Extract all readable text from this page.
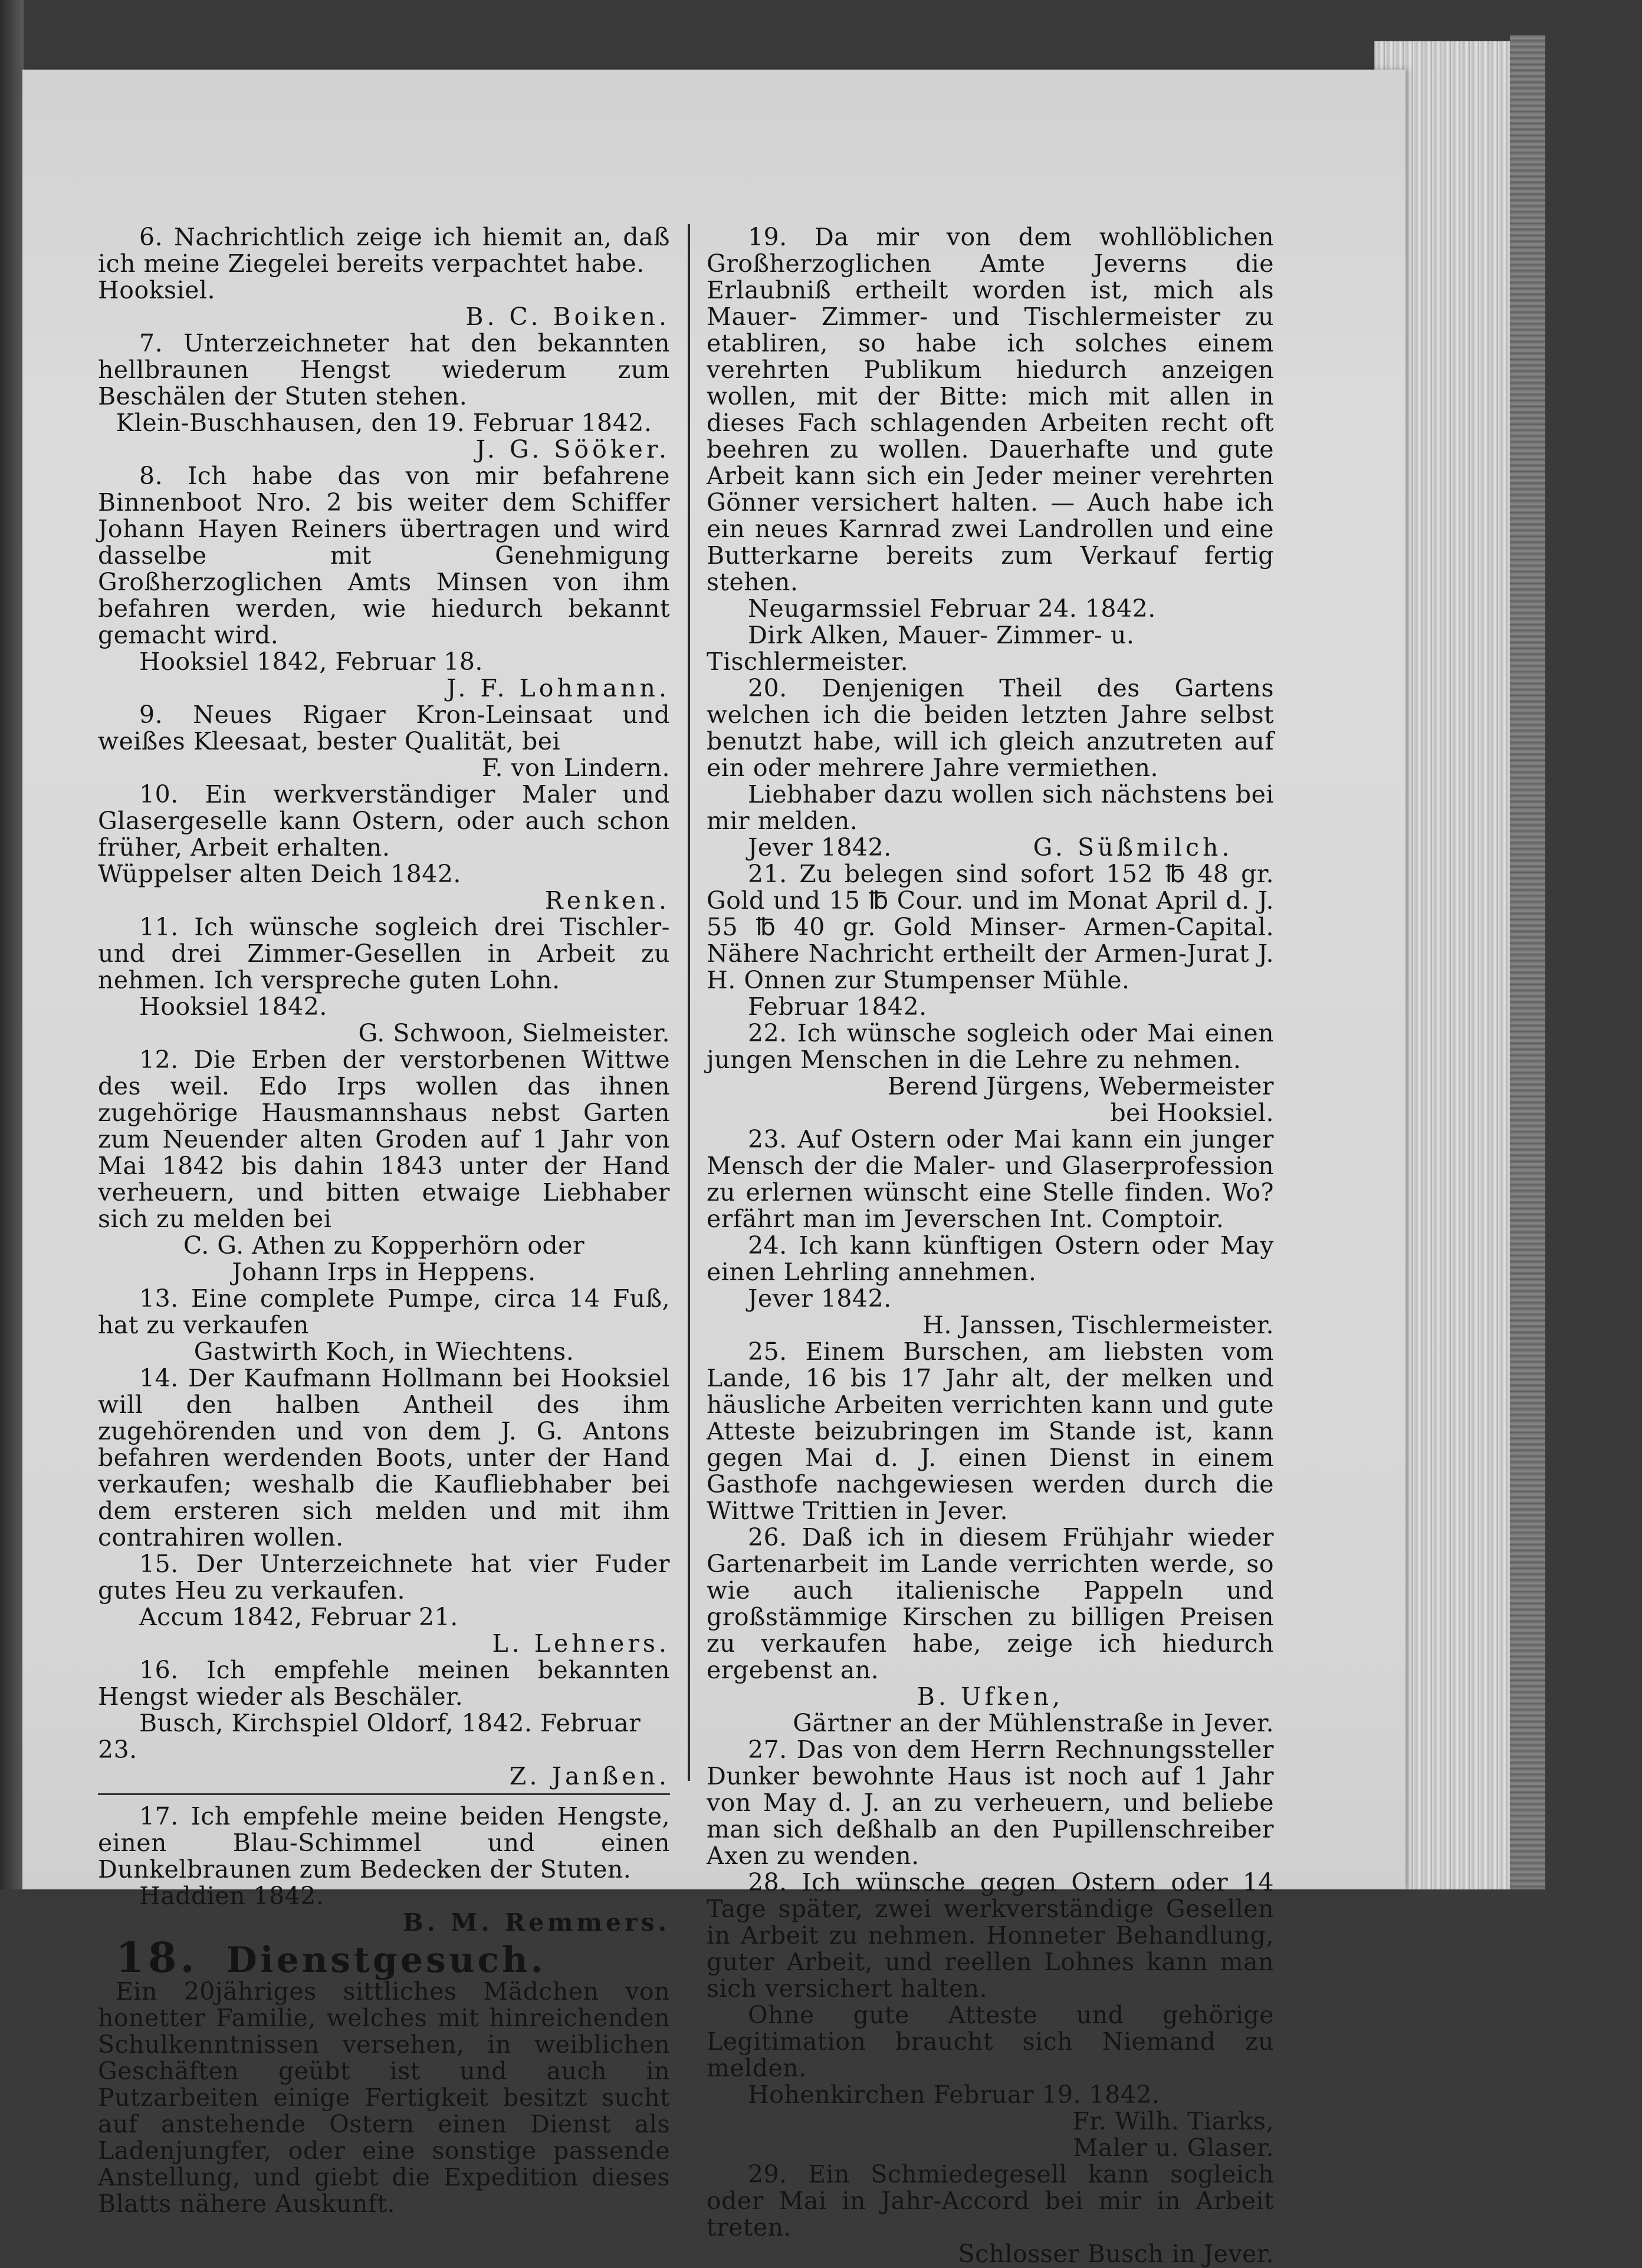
6. Nachrichtlich zeige ich hiemit an, daß ich meine Ziegelei bereits verpachtet habe.

Hooksiel.

B. C. Boiken.

7. Unterzeichneter hat den bekannten hellbraunen Hengst wiederum zum Beschälen der Stuten stehen.

Klein-Buschhausen, den 19. Februar 1842.

J. G. Sööker.

8. Ich habe das von mir befahrene Binnenboot Nro. 2 bis weiter dem Schiffer Johann Hayen Reiners übertragen und wird dasselbe mit Genehmigung Großherzoglichen Amts Minsen von ihm befahren werden, wie hiedurch bekannt gemacht wird.

Hooksiel 1842, Februar 18.

J. F. Lohmann.

9. Neues Rigaer Kron-Leinsaat und weißes Kleesaat, bester Qualität, bei

F. von Lindern.

10. Ein werkverständiger Maler und Glasergeselle kann Ostern, oder auch schon früher, Arbeit erhalten.

Wüppelser alten Deich 1842.

Renken.

11. Ich wünsche sogleich drei Tischler- und drei Zimmer-Gesellen in Arbeit zu nehmen. Ich verspreche guten Lohn.

Hooksiel 1842.

G. Schwoon, Sielmeister.

12. Die Erben der verstorbenen Wittwe des weil. Edo Irps wollen das ihnen zugehörige Hausmannshaus nebst Garten zum Neuender alten Groden auf 1 Jahr von Mai 1842 bis dahin 1843 unter der Hand verheuern, und bitten etwaige Liebhaber sich zu melden bei

C. G. Athen zu Kopperhörn oder

Johann Irps in Heppens.

13. Eine complete Pumpe, circa 14 Fuß, hat zu verkaufen

Gastwirth Koch, in Wiechtens.

14. Der Kaufmann Hollmann bei Hooksiel will den halben Antheil des ihm zugehörenden und von dem J. G. Antons befahren werdenden Boots, unter der Hand verkaufen; weshalb die Kaufliebhaber bei dem ersteren sich melden und mit ihm contrahiren wollen.

15. Der Unterzeichnete hat vier Fuder gutes Heu zu verkaufen.

Accum 1842, Februar 21.

L. Lehners.

16. Ich empfehle meinen bekannten Hengst wieder als Beschäler.

Busch, Kirchspiel Oldorf, 1842. Februar 23.

Z. Janßen.

17. Ich empfehle meine beiden Hengste, einen Blau-Schimmel und einen Dunkelbraunen zum Bedecken der Stuten.

Haddien 1842.

B. M. Remmers.

18. Dienstgesuch.

Ein 20jähriges sittliches Mädchen von honetter Familie, welches mit hinreichenden Schulkenntnissen versehen, in weiblichen Geschäften geübt ist und auch in Putzarbeiten einige Fertigkeit besitzt sucht auf anstehende Ostern einen Dienst als Ladenjungfer, oder eine sonstige passende Anstellung, und giebt die Expedition dieses Blatts nähere Auskunft.

19. Da mir von dem wohllöblichen Großherzoglichen Amte Jeverns die Erlaubniß ertheilt worden ist, mich als Mauer- Zimmer- und Tischlermeister zu etabliren, so habe ich solches einem verehrten Publikum hiedurch anzeigen wollen, mit der Bitte: mich mit allen in dieses Fach schlagenden Arbeiten recht oft beehren zu wollen. Dauerhafte und gute Arbeit kann sich ein Jeder meiner verehrten Gönner versichert halten. — Auch habe ich ein neues Karnrad zwei Landrollen und eine Butterkarne bereits zum Verkauf fertig stehen.

Neugarmssiel Februar 24. 1842.

Dirk Alken, Mauer- Zimmer- u. Tischlermeister.

20. Denjenigen Theil des Gartens welchen ich die beiden letzten Jahre selbst benutzt habe, will ich gleich anzutreten auf ein oder mehrere Jahre vermiethen.

Liebhaber dazu wollen sich nächstens bei mir melden.

Jever 1842.	G. Süßmilch.

21. Zu belegen sind sofort 152 ℔ 48 gr. Gold und 15 ℔ Cour. und im Monat April d. J. 55 ℔ 40 gr. Gold Minser- Armen-Capital. Nähere Nachricht ertheilt der Armen-Jurat J. H. Onnen zur Stumpenser Mühle.

Februar 1842.

22. Ich wünsche sogleich oder Mai einen jungen Menschen in die Lehre zu nehmen.

Berend Jürgens, Webermeister

bei Hooksiel.

23. Auf Ostern oder Mai kann ein junger Mensch der die Maler- und Glaserprofession zu erlernen wünscht eine Stelle finden. Wo? erfährt man im Jeverschen Int. Comptoir.

24. Ich kann künftigen Ostern oder May einen Lehrling annehmen.

Jever 1842.

H. Janssen, Tischlermeister.

25. Einem Burschen, am liebsten vom Lande, 16 bis 17 Jahr alt, der melken und häusliche Arbeiten verrichten kann und gute Atteste beizubringen im Stande ist, kann gegen Mai d. J. einen Dienst in einem Gasthofe nachgewiesen werden durch die Wittwe Trittien in Jever.

26. Daß ich in diesem Frühjahr wieder Gartenarbeit im Lande verrichten werde, so wie auch italienische Pappeln und großstämmige Kirschen zu billigen Preisen zu verkaufen habe, zeige ich hiedurch ergebenst an.

B. Ufken,

Gärtner an der Mühlenstraße in Jever.

27. Das von dem Herrn Rechnungssteller Dunker bewohnte Haus ist noch auf 1 Jahr von May d. J. an zu verheuern, und beliebe man sich deßhalb an den Pupillenschreiber Axen zu wenden.

28. Ich wünsche gegen Ostern oder 14 Tage später, zwei werkverständige Gesellen in Arbeit zu nehmen. Honneter Behandlung, guter Arbeit, und reellen Lohnes kann man sich versichert halten.

Ohne gute Atteste und gehörige Legitimation braucht sich Niemand zu melden.

Hohenkirchen Februar 19. 1842.

Fr. Wilh. Tiarks,

Maler u. Glaser.

29. Ein Schmiedegesell kann sogleich oder Mai in Jahr-Accord bei mir in Arbeit treten.

Schlosser Busch in Jever.
